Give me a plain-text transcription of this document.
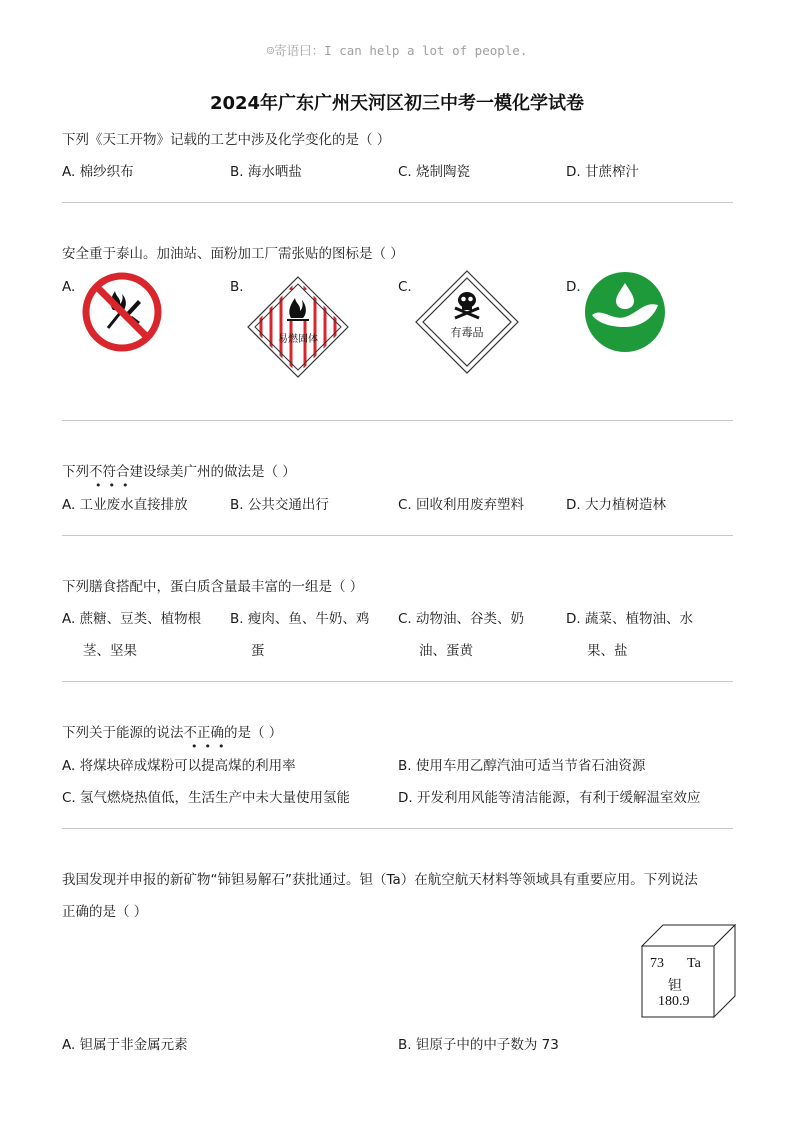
☺寄语曰：I can help a lot of people.
2024年广东广州天河区初三中考一模化学试卷
下列《天工开物》记载的工艺中涉及化学变化的是（ ）
A. 棉纱织布	B. 海水晒盐	C. 烧制陶瓷	D. 甘蔗榨汁
安全重于泰山。加油站、面粉加工厂需张贴的图标是（ ）
A.	B.	C.	D.
易燃固体
有毒品
下列不符合建设绿美广州的做法是（ ）
•••
A. 工业废水直接排放	B. 公共交通出行	C. 回收利用废弃塑料	D. 大力植树造林
下列膳食搭配中，蛋白质含量最丰富的一组是（ ）
A. 蔗糖、豆类、植物根
茎、坚果
B. 瘦肉、鱼、牛奶、鸡
蛋
C. 动物油、谷类、奶
油、蛋黄
D. 蔬菜、植物油、水
果、盐
下列关于能源的说法不正确的是（ ）
•••
A. 将煤块碎成煤粉可以提高煤的利用率	B. 使用车用乙醇汽油可适当节省石油资源
C. 氢气燃烧热值低，生活生产中未大量使用氢能	D. 开发利用风能等清洁能源，有利于缓解温室效应
我国发现并申报的新矿物“铈钽易解石”获批通过。钽（Ta）在航空航天材料等领域具有重要应用。下列说法
正确的是（ ）
73 Ta
钽
180.9
A. 钽属于非金属元素	B. 钽原子中的中子数为 73
